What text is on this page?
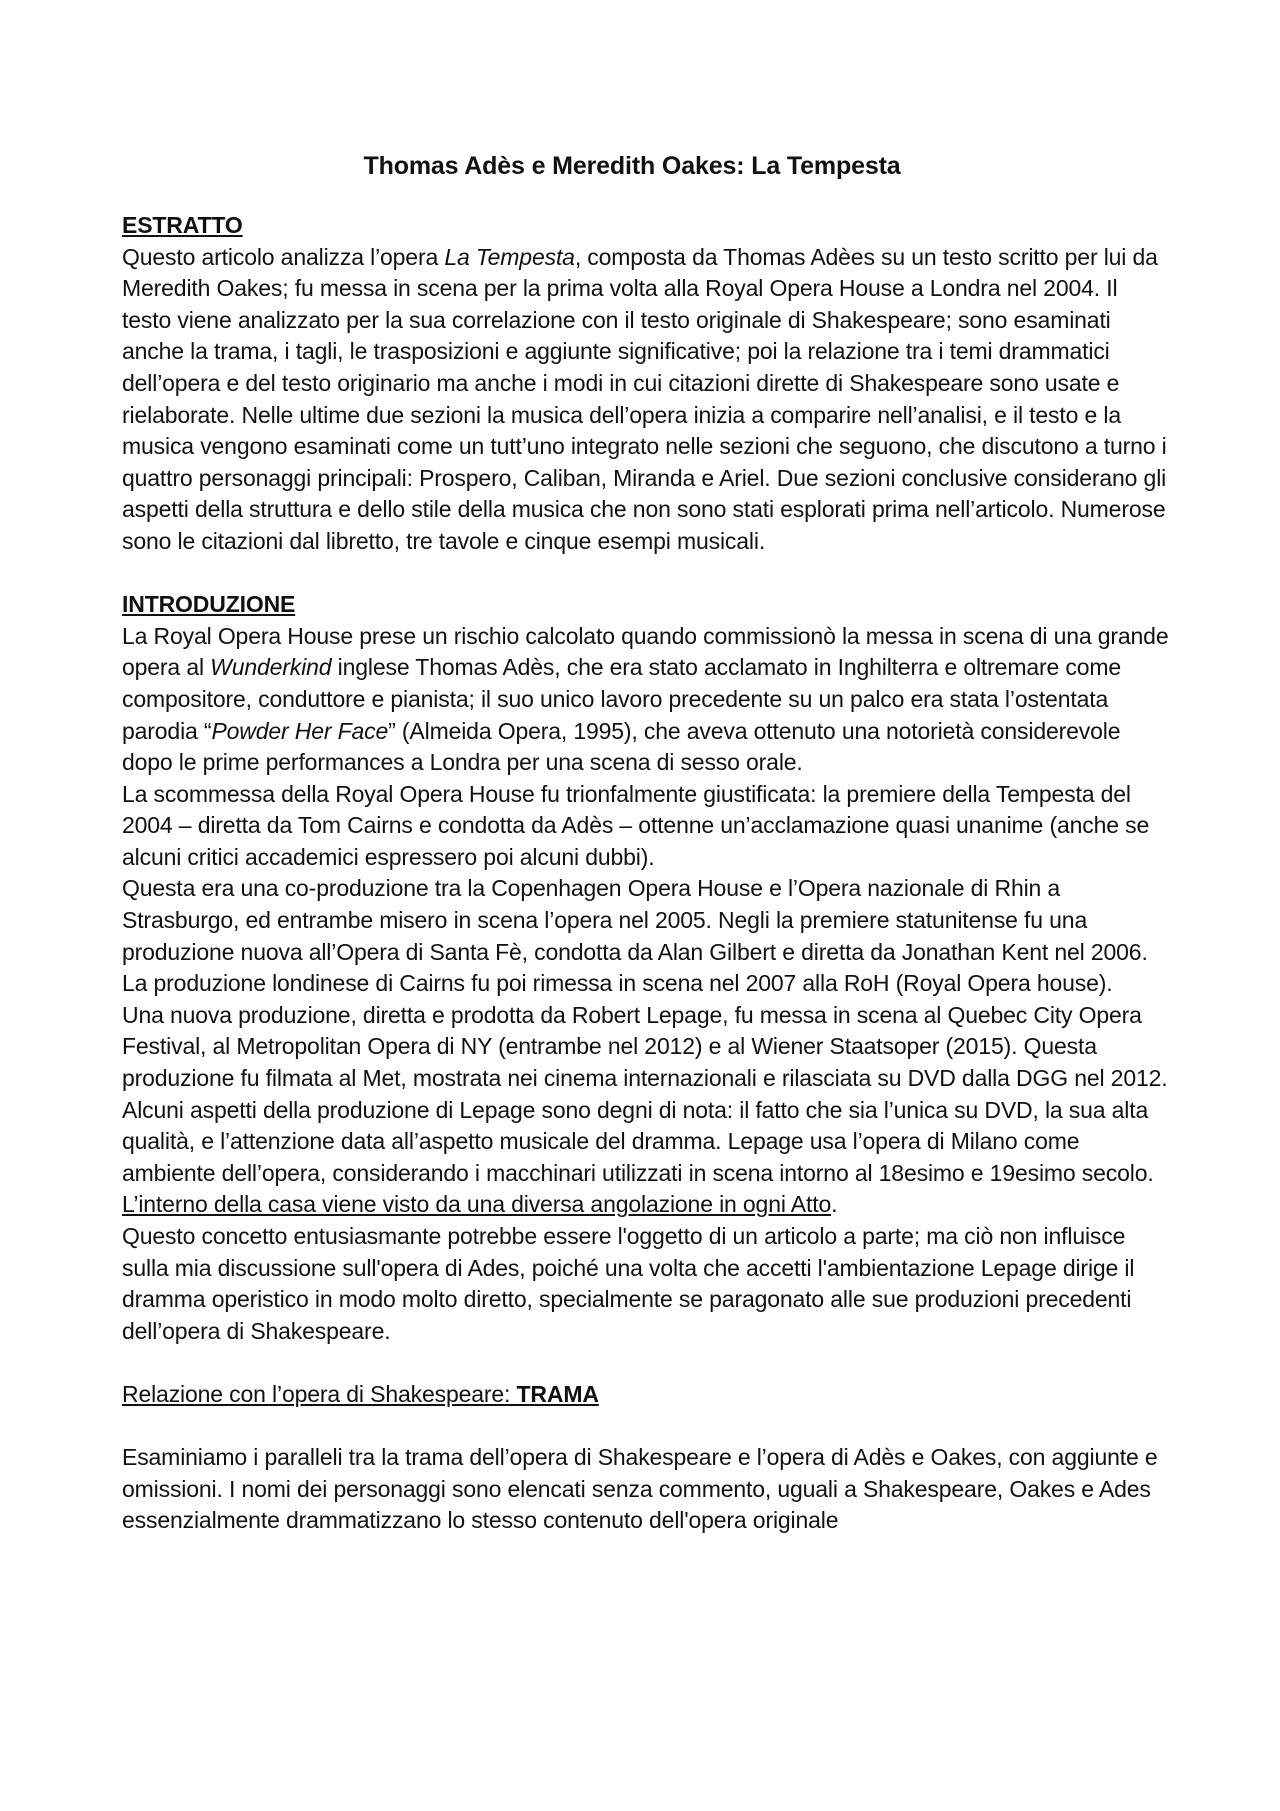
Thomas Adès e Meredith Oakes: La Tempesta

ESTRATTO

Questo articolo analizza l’opera La Tempesta, composta da Thomas Adèes su un testo scritto per lui da Meredith Oakes; fu messa in scena per la prima volta alla Royal Opera House a Londra nel 2004. Il testo viene analizzato per la sua correlazione con il testo originale di Shakespeare; sono esaminati anche la trama, i tagli, le trasposizioni e aggiunte significative; poi la relazione tra i temi drammatici dell’opera e del testo originario ma anche i modi in cui citazioni dirette di Shakespeare sono usate e rielaborate. Nelle ultime due sezioni la musica dell’opera inizia a comparire nell’analisi, e il testo e la musica vengono esaminati come un tutt’uno integrato nelle sezioni che seguono, che discutono a turno i quattro personaggi principali: Prospero, Caliban, Miranda e Ariel. Due sezioni conclusive considerano gli aspetti della struttura e dello stile della musica che non sono stati esplorati prima nell’articolo. Numerose sono le citazioni dal libretto, tre tavole e cinque esempi musicali.

INTRODUZIONE

La Royal Opera House prese un rischio calcolato quando commissionò la messa in scena di una grande opera al Wunderkind inglese Thomas Adès, che era stato acclamato in Inghilterra e oltremare come compositore, conduttore e pianista; il suo unico lavoro precedente su un palco era stata l’ostentata parodia “Powder Her Face” (Almeida Opera, 1995), che aveva ottenuto una notorietà considerevole dopo le prime performances a Londra per una scena di sesso orale.

La scommessa della Royal Opera House fu trionfalmente giustificata: la premiere della Tempesta del 2004 – diretta da Tom Cairns e condotta da Adès – ottenne un’acclamazione quasi unanime (anche se alcuni critici accademici espressero poi alcuni dubbi).

Questa era una co-produzione tra la Copenhagen Opera House e l’Opera nazionale di Rhin a Strasburgo, ed entrambe misero in scena l’opera nel 2005. Negli la premiere statunitense fu una produzione nuova all’Opera di Santa Fè, condotta da Alan Gilbert e diretta da Jonathan Kent nel 2006. La produzione londinese di Cairns fu poi rimessa in scena nel 2007 alla RoH (Royal Opera house).

Una nuova produzione, diretta e prodotta da Robert Lepage, fu messa in scena al Quebec City Opera Festival, al Metropolitan Opera di NY (entrambe nel 2012) e al Wiener Staatsoper (2015). Questa produzione fu filmata al Met, mostrata nei cinema internazionali e rilasciata su DVD dalla DGG nel 2012.

Alcuni aspetti della produzione di Lepage sono degni di nota: il fatto che sia l’unica su DVD, la sua alta qualità, e l’attenzione data all’aspetto musicale del dramma. Lepage usa l’opera di Milano come ambiente dell’opera, considerando i macchinari utilizzati in scena intorno al 18esimo e 19esimo secolo. L’interno della casa viene visto da una diversa angolazione in ogni Atto.

Questo concetto entusiasmante potrebbe essere l'oggetto di un articolo a parte; ma ciò non influisce sulla mia discussione sull'opera di Ades, poiché una volta che accetti l'ambientazione Lepage dirige il dramma operistico in modo molto diretto, specialmente se paragonato alle sue produzioni precedenti dell’opera di Shakespeare.

Relazione con l’opera di Shakespeare: TRAMA

Esaminiamo i paralleli tra la trama dell’opera di Shakespeare e l’opera di Adès e Oakes, con aggiunte e omissioni. I nomi dei personaggi sono elencati senza commento, uguali a Shakespeare, Oakes e Ades essenzialmente drammatizzano lo stesso contenuto dell'opera originale
